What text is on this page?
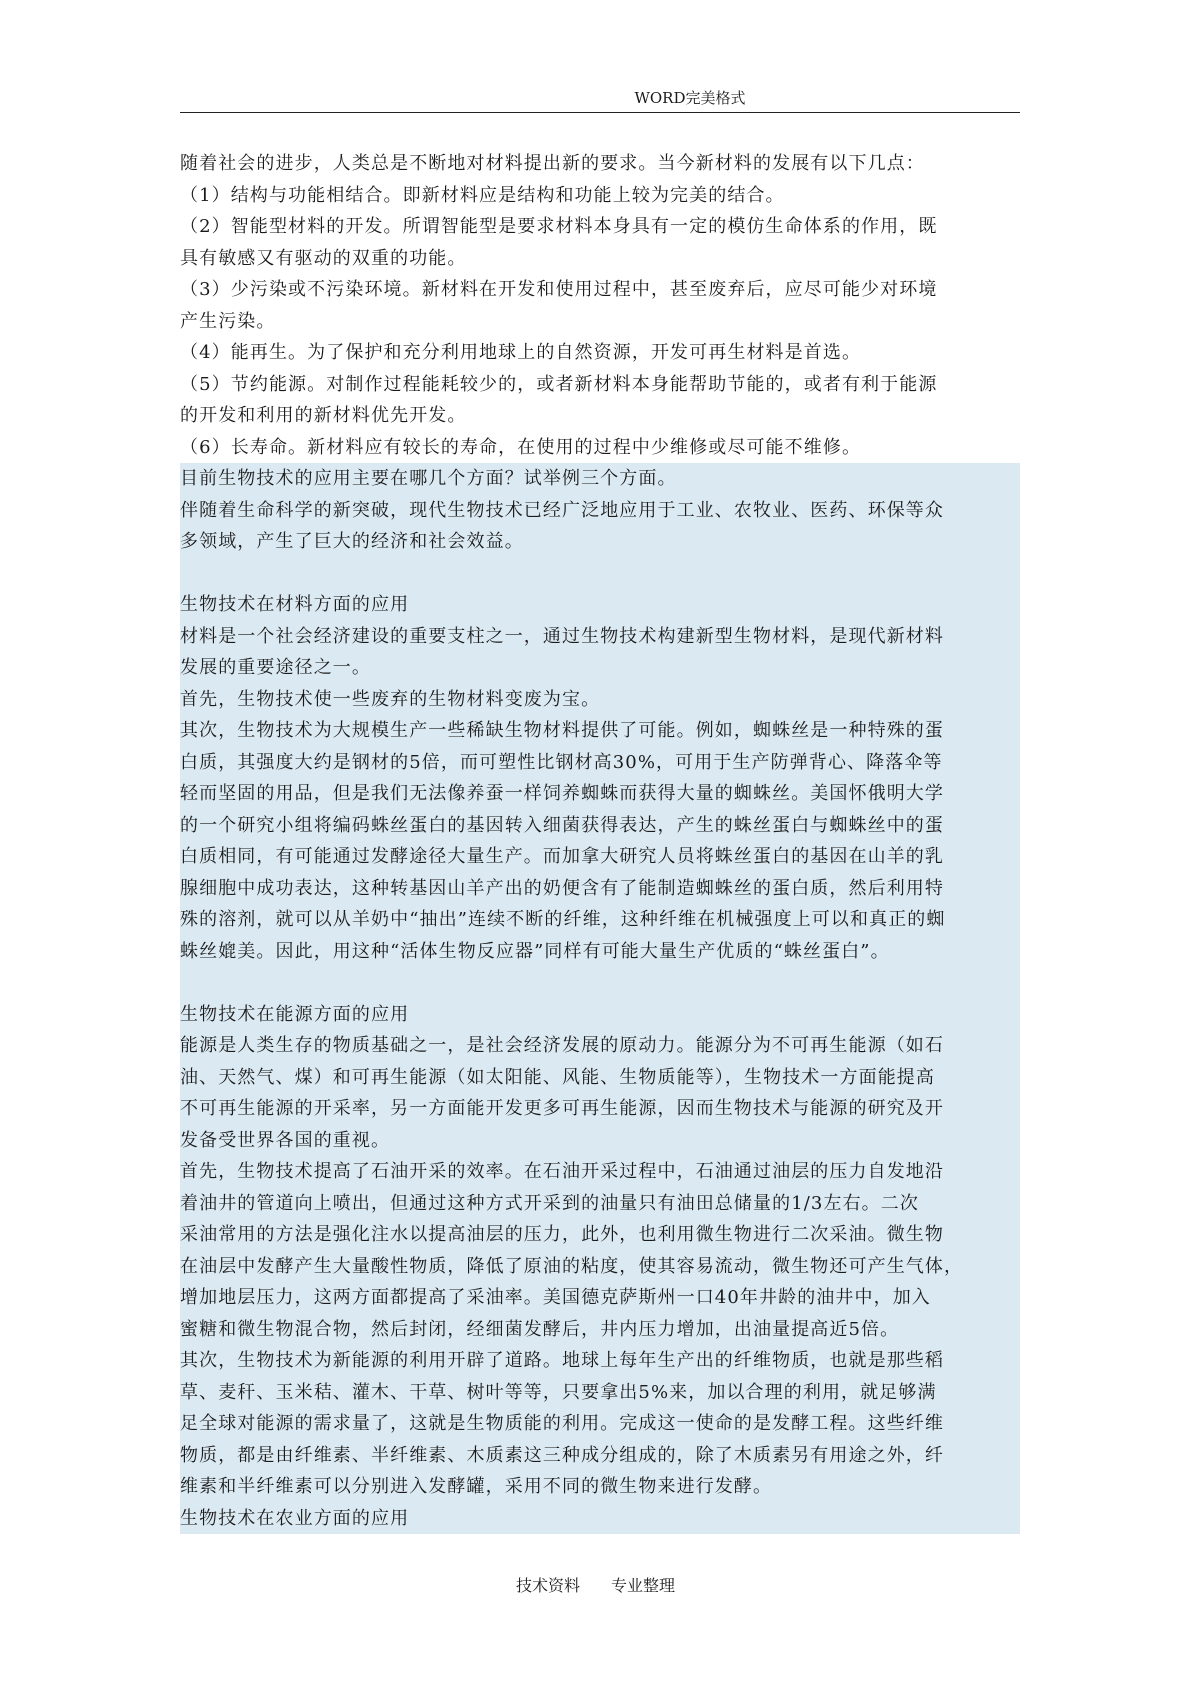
WORD完美格式
随着社会的进步，人类总是不断地对材料提出新的要求。当今新材料的发展有以下几点：
（1）结构与功能相结合。即新材料应是结构和功能上较为完美的结合。
（2）智能型材料的开发。所谓智能型是要求材料本身具有一定的模仿生命体系的作用，既
具有敏感又有驱动的双重的功能。
（3）少污染或不污染环境。新材料在开发和使用过程中，甚至废弃后，应尽可能少对环境
产生污染。
（4）能再生。为了保护和充分利用地球上的自然资源，开发可再生材料是首选。
（5）节约能源。对制作过程能耗较少的，或者新材料本身能帮助节能的，或者有利于能源
的开发和利用的新材料优先开发。
（6）长寿命。新材料应有较长的寿命，在使用的过程中少维修或尽可能不维修。
目前生物技术的应用主要在哪几个方面？试举例三个方面。
伴随着生命科学的新突破，现代生物技术已经广泛地应用于工业、农牧业、医药、环保等众
多领域，产生了巨大的经济和社会效益。
生物技术在材料方面的应用
材料是一个社会经济建设的重要支柱之一，通过生物技术构建新型生物材料，是现代新材料
发展的重要途径之一。
首先，生物技术使一些废弃的生物材料变废为宝。
其次，生物技术为大规模生产一些稀缺生物材料提供了可能。例如，蜘蛛丝是一种特殊的蛋
白质，其强度大约是钢材的5倍，而可塑性比钢材高30%，可用于生产防弹背心、降落伞等
轻而坚固的用品，但是我们无法像养蚕一样饲养蜘蛛而获得大量的蜘蛛丝。美国怀俄明大学
的一个研究小组将编码蛛丝蛋白的基因转入细菌获得表达，产生的蛛丝蛋白与蜘蛛丝中的蛋
白质相同，有可能通过发酵途径大量生产。而加拿大研究人员将蛛丝蛋白的基因在山羊的乳
腺细胞中成功表达，这种转基因山羊产出的奶便含有了能制造蜘蛛丝的蛋白质，然后利用特
殊的溶剂，就可以从羊奶中“抽出”连续不断的纤维，这种纤维在机械强度上可以和真正的蜘
蛛丝媲美。因此，用这种“活体生物反应器”同样有可能大量生产优质的“蛛丝蛋白”。
生物技术在能源方面的应用
能源是人类生存的物质基础之一，是社会经济发展的原动力。能源分为不可再生能源（如石
油、天然气、煤）和可再生能源（如太阳能、风能、生物质能等），生物技术一方面能提高
不可再生能源的开采率，另一方面能开发更多可再生能源，因而生物技术与能源的研究及开
发备受世界各国的重视。
首先，生物技术提高了石油开采的效率。在石油开采过程中，石油通过油层的压力自发地沿
着油井的管道向上喷出，但通过这种方式开采到的油量只有油田总储量的1/3左右。二次
采油常用的方法是强化注水以提高油层的压力，此外，也利用微生物进行二次采油。微生物
在油层中发酵产生大量酸性物质，降低了原油的粘度，使其容易流动，微生物还可产生气体，
增加地层压力，这两方面都提高了采油率。美国德克萨斯州一口40年井龄的油井中，加入
蜜糖和微生物混合物，然后封闭，经细菌发酵后，井内压力增加，出油量提高近5倍。
其次，生物技术为新能源的利用开辟了道路。地球上每年生产出的纤维物质，也就是那些稻
草、麦秆、玉米秸、灌木、干草、树叶等等，只要拿出5%来，加以合理的利用，就足够满
足全球对能源的需求量了，这就是生物质能的利用。完成这一使命的是发酵工程。这些纤维
物质，都是由纤维素、半纤维素、木质素这三种成分组成的，除了木质素另有用途之外，纤
维素和半纤维素可以分别进入发酵罐，采用不同的微生物来进行发酵。
生物技术在农业方面的应用
技术资料 专业整理
